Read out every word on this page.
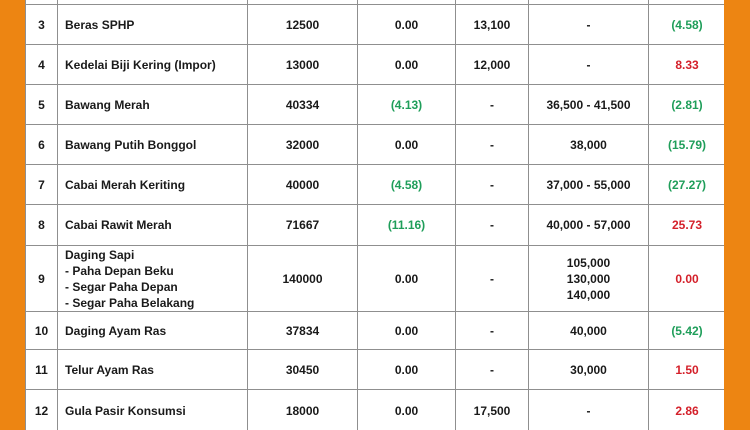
3	Beras SPHP	12500	0.00	13,100	-	(4.58)
4	Kedelai Biji Kering (Impor)	13000	0.00	12,000	-	8.33
5	Bawang Merah	40334	(4.13)	-	36,500 - 41,500	(2.81)
6	Bawang Putih Bonggol	32000	0.00	-	38,000	(15.79)
7	Cabai Merah Keriting	40000	(4.58)	-	37,000 - 55,000	(27.27)
8	Cabai Rawit Merah	71667	(11.16)	-	40,000 - 57,000	25.73
9	Daging Sapi
- Paha Depan Beku
- Segar Paha Depan
- Segar Paha Belakang	140000	0.00	-	105,000
130,000
140,000	0.00
10	Daging Ayam Ras	37834	0.00	-	40,000	(5.42)
11	Telur Ayam Ras	30450	0.00	-	30,000	1.50
12	Gula Pasir Konsumsi	18000	0.00	17,500	-	2.86
